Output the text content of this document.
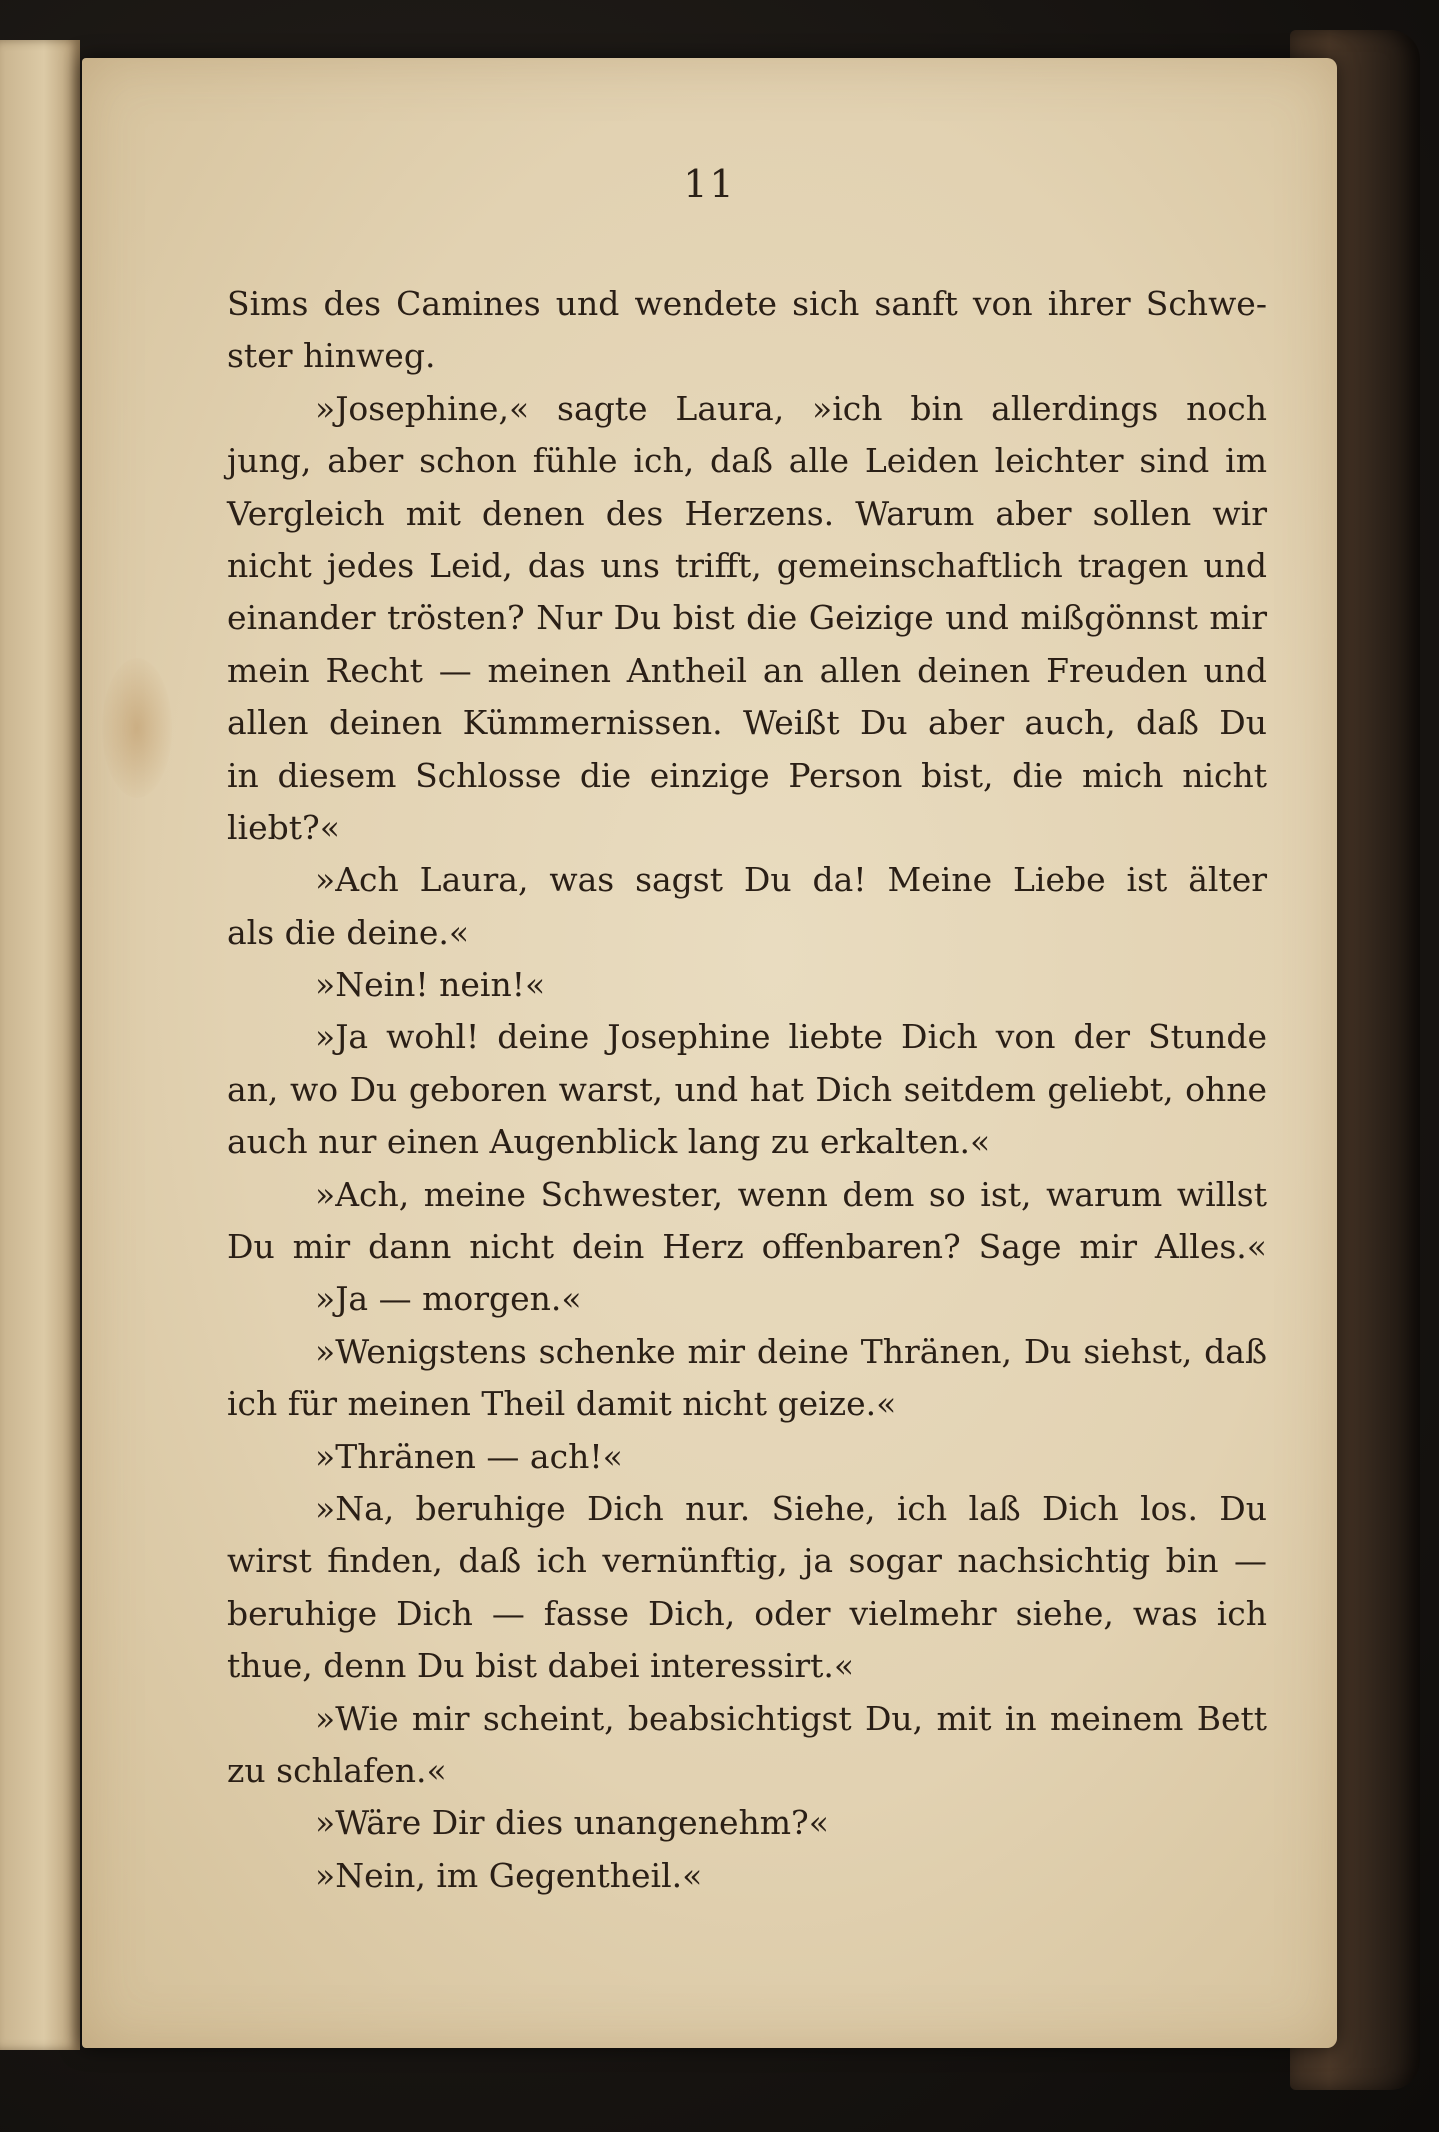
11
Sims des Camines und wendete sich sanft von ihrer Schwe-
ster hinweg.
»Josephine,« sagte Laura, »ich bin allerdings noch
jung, aber schon fühle ich, daß alle Leiden leichter sind im
Vergleich mit denen des Herzens. Warum aber sollen wir
nicht jedes Leid, das uns trifft, gemeinschaftlich tragen und
einander trösten? Nur Du bist die Geizige und mißgönnst mir
mein Recht — meinen Antheil an allen deinen Freuden und
allen deinen Kümmernissen. Weißt Du aber auch, daß Du
in diesem Schlosse die einzige Person bist, die mich nicht
liebt?«
»Ach Laura, was sagst Du da! Meine Liebe ist älter
als die deine.«
»Nein! nein!«
»Ja wohl! deine Josephine liebte Dich von der Stunde
an, wo Du geboren warst, und hat Dich seitdem geliebt, ohne
auch nur einen Augenblick lang zu erkalten.«
»Ach, meine Schwester, wenn dem so ist, warum willst
Du mir dann nicht dein Herz offenbaren? Sage mir Alles.«
»Ja — morgen.«
»Wenigstens schenke mir deine Thränen, Du siehst, daß
ich für meinen Theil damit nicht geize.«
»Thränen — ach!«
»Na, beruhige Dich nur. Siehe, ich laß Dich los. Du
wirst finden, daß ich vernünftig, ja sogar nachsichtig bin —
beruhige Dich — fasse Dich, oder vielmehr siehe, was ich
thue, denn Du bist dabei interessirt.«
»Wie mir scheint, beabsichtigst Du, mit in meinem Bett
zu schlafen.«
»Wäre Dir dies unangenehm?«
»Nein, im Gegentheil.«
